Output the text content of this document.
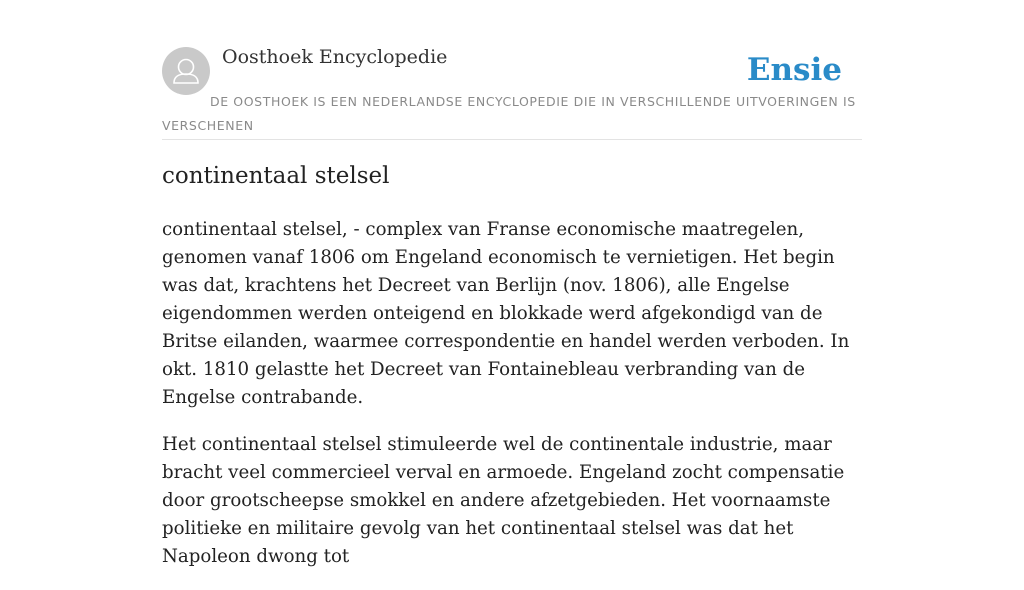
Oosthoek Encyclopedie	Ensie
DE OOSTHOEK IS EEN NEDERLANDSE ENCYCLOPEDIE DIE IN VERSCHILLENDE UITVOERINGEN IS VERSCHENEN
continentaal stelsel

continentaal stelsel, - complex van Franse economische maatregelen, genomen vanaf 1806 om Engeland economisch te vernietigen. Het begin was dat, krachtens het Decreet van Berlijn (nov. 1806), alle Engelse eigendommen werden onteigend en blokkade werd afgekondigd van de Britse eilanden, waarmee correspondentie en handel werden verboden. In okt. 1810 gelastte het Decreet van Fontainebleau verbranding van de Engelse contrabande.

Het continentaal stelsel stimuleerde wel de continentale industrie, maar bracht veel commercieel verval en armoede. Engeland zocht compensatie door grootscheepse smokkel en andere afzetgebieden. Het voornaamste politieke en militaire gevolg van het continentaal stelsel was dat het Napoleon dwong tot
